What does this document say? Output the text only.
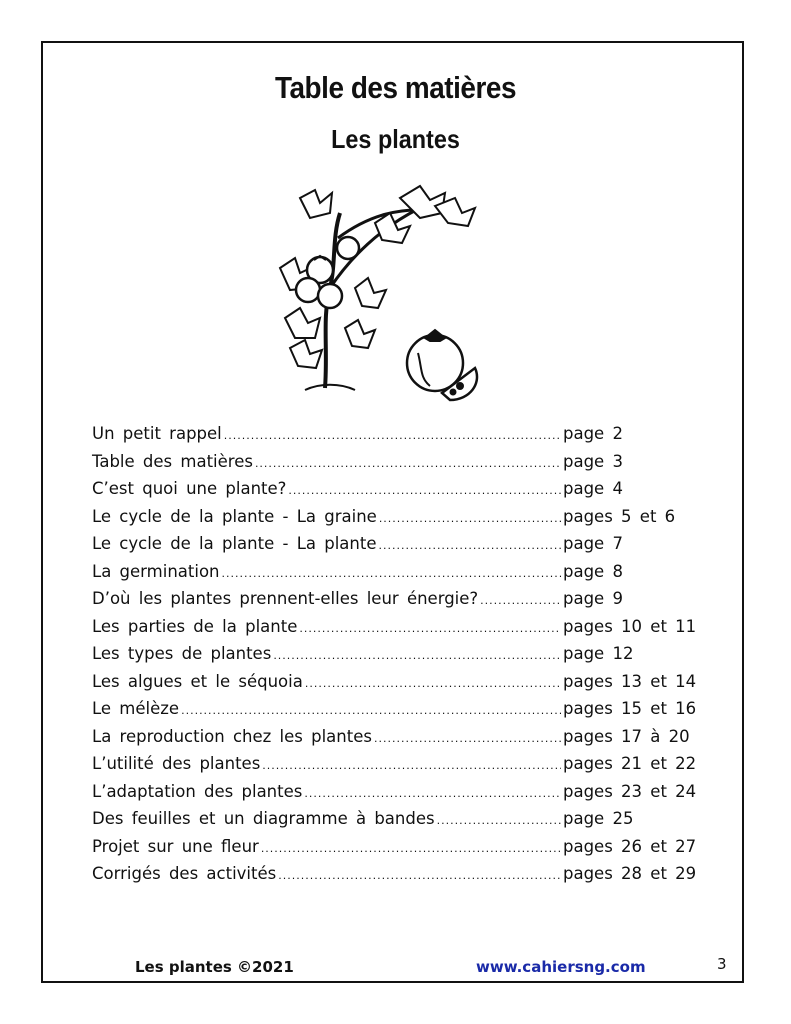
Table des matières
Les plantes
Un petit rappel .....	page 2
Table des matières .....	page 3
C’est quoi une plante? .....	page 4
Le cycle de la plante - La graine .....	pages 5 et 6
Le cycle de la plante - La plante .....	page 7
La germination .....	page 8
D’où les plantes prennent-elles leur énergie? .....	page 9
Les parties de la plante .....	pages 10 et 11
Les types de plantes .....	page 12
Les algues et le séquoia .....	pages 13 et 14
Le mélèze .....	pages 15 et 16
La reproduction chez les plantes .....	pages 17 à 20
L’utilité des plantes .....	pages 21 et 22
L’adaptation des plantes .....	pages 23 et 24
Des feuilles et un diagramme à bandes .....	page 25
Projet sur une fleur .....	pages 26 et 27
Corrigés des activités .....	pages 28 et 29
Les plantes ©2021	www.cahiersng.com	3
